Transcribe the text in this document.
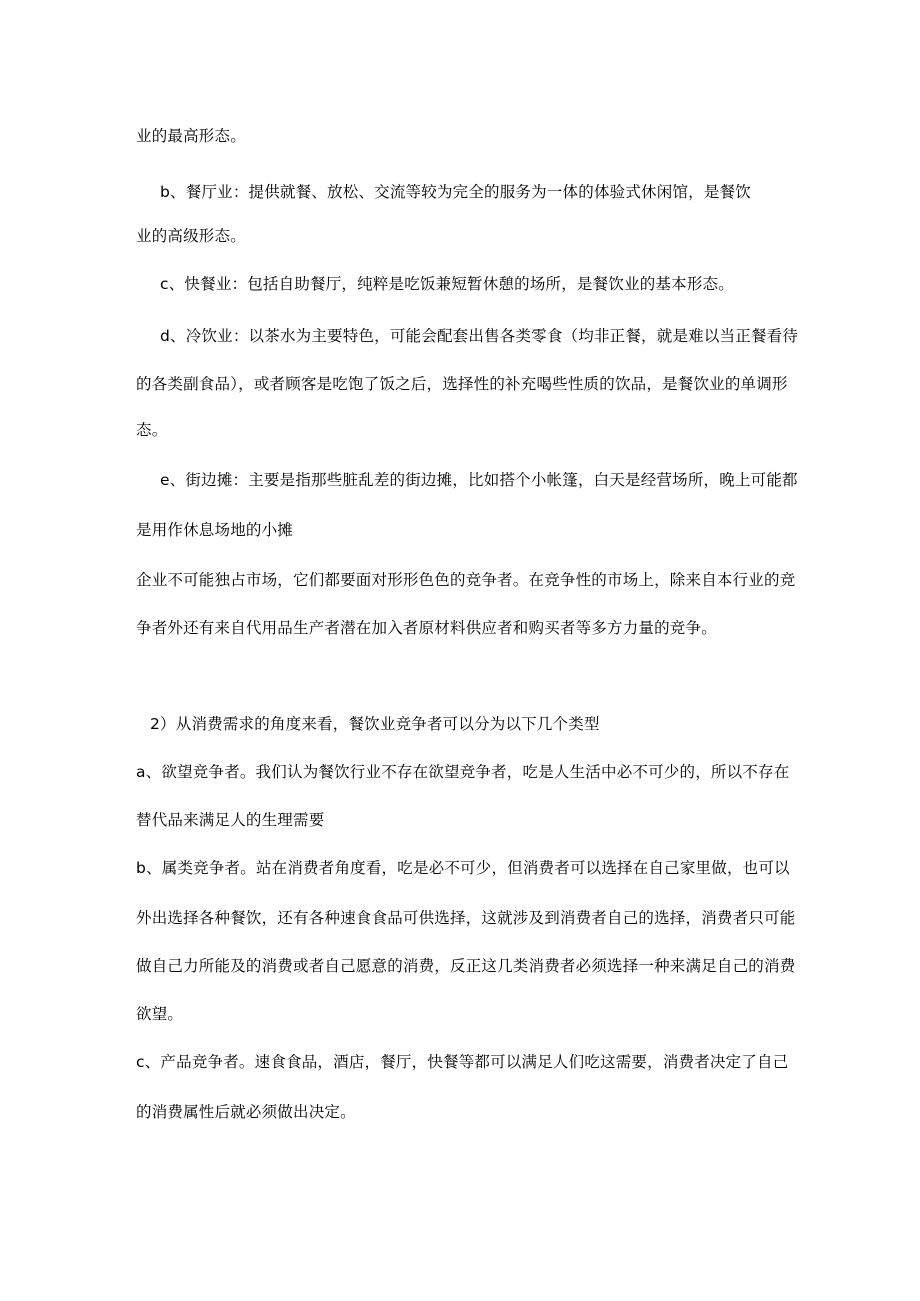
业的最高形态。
b、餐厅业：提供就餐、放松、交流等较为完全的服务为一体的体验式休闲馆，是餐饮
业的高级形态。
c、快餐业：包括自助餐厅，纯粹是吃饭兼短暂休憩的场所，是餐饮业的基本形态。
d、冷饮业：以茶水为主要特色，可能会配套出售各类零食（均非正餐，就是难以当正餐看待
的各类副食品），或者顾客是吃饱了饭之后，选择性的补充喝些性质的饮品，是餐饮业的单调形
态。
e、街边摊：主要是指那些脏乱差的街边摊，比如搭个小帐篷，白天是经营场所，晚上可能都
是用作休息场地的小摊
企业不可能独占市场，它们都要面对形形色色的竞争者。在竞争性的市场上，除来自本行业的竞
争者外还有来自代用品生产者潜在加入者原材料供应者和购买者等多方力量的竞争。
2）从消费需求的角度来看，餐饮业竞争者可以分为以下几个类型
a、欲望竞争者。我们认为餐饮行业不存在欲望竞争者，吃是人生活中必不可少的，所以不存在
替代品来满足人的生理需要
b、属类竞争者。站在消费者角度看，吃是必不可少，但消费者可以选择在自己家里做，也可以
外出选择各种餐饮，还有各种速食食品可供选择，这就涉及到消费者自己的选择，消费者只可能
做自己力所能及的消费或者自己愿意的消费，反正这几类消费者必须选择一种来满足自己的消费
欲望。
c、产品竞争者。速食食品，酒店，餐厅，快餐等都可以满足人们吃这需要，消费者决定了自己
的消费属性后就必须做出决定。
